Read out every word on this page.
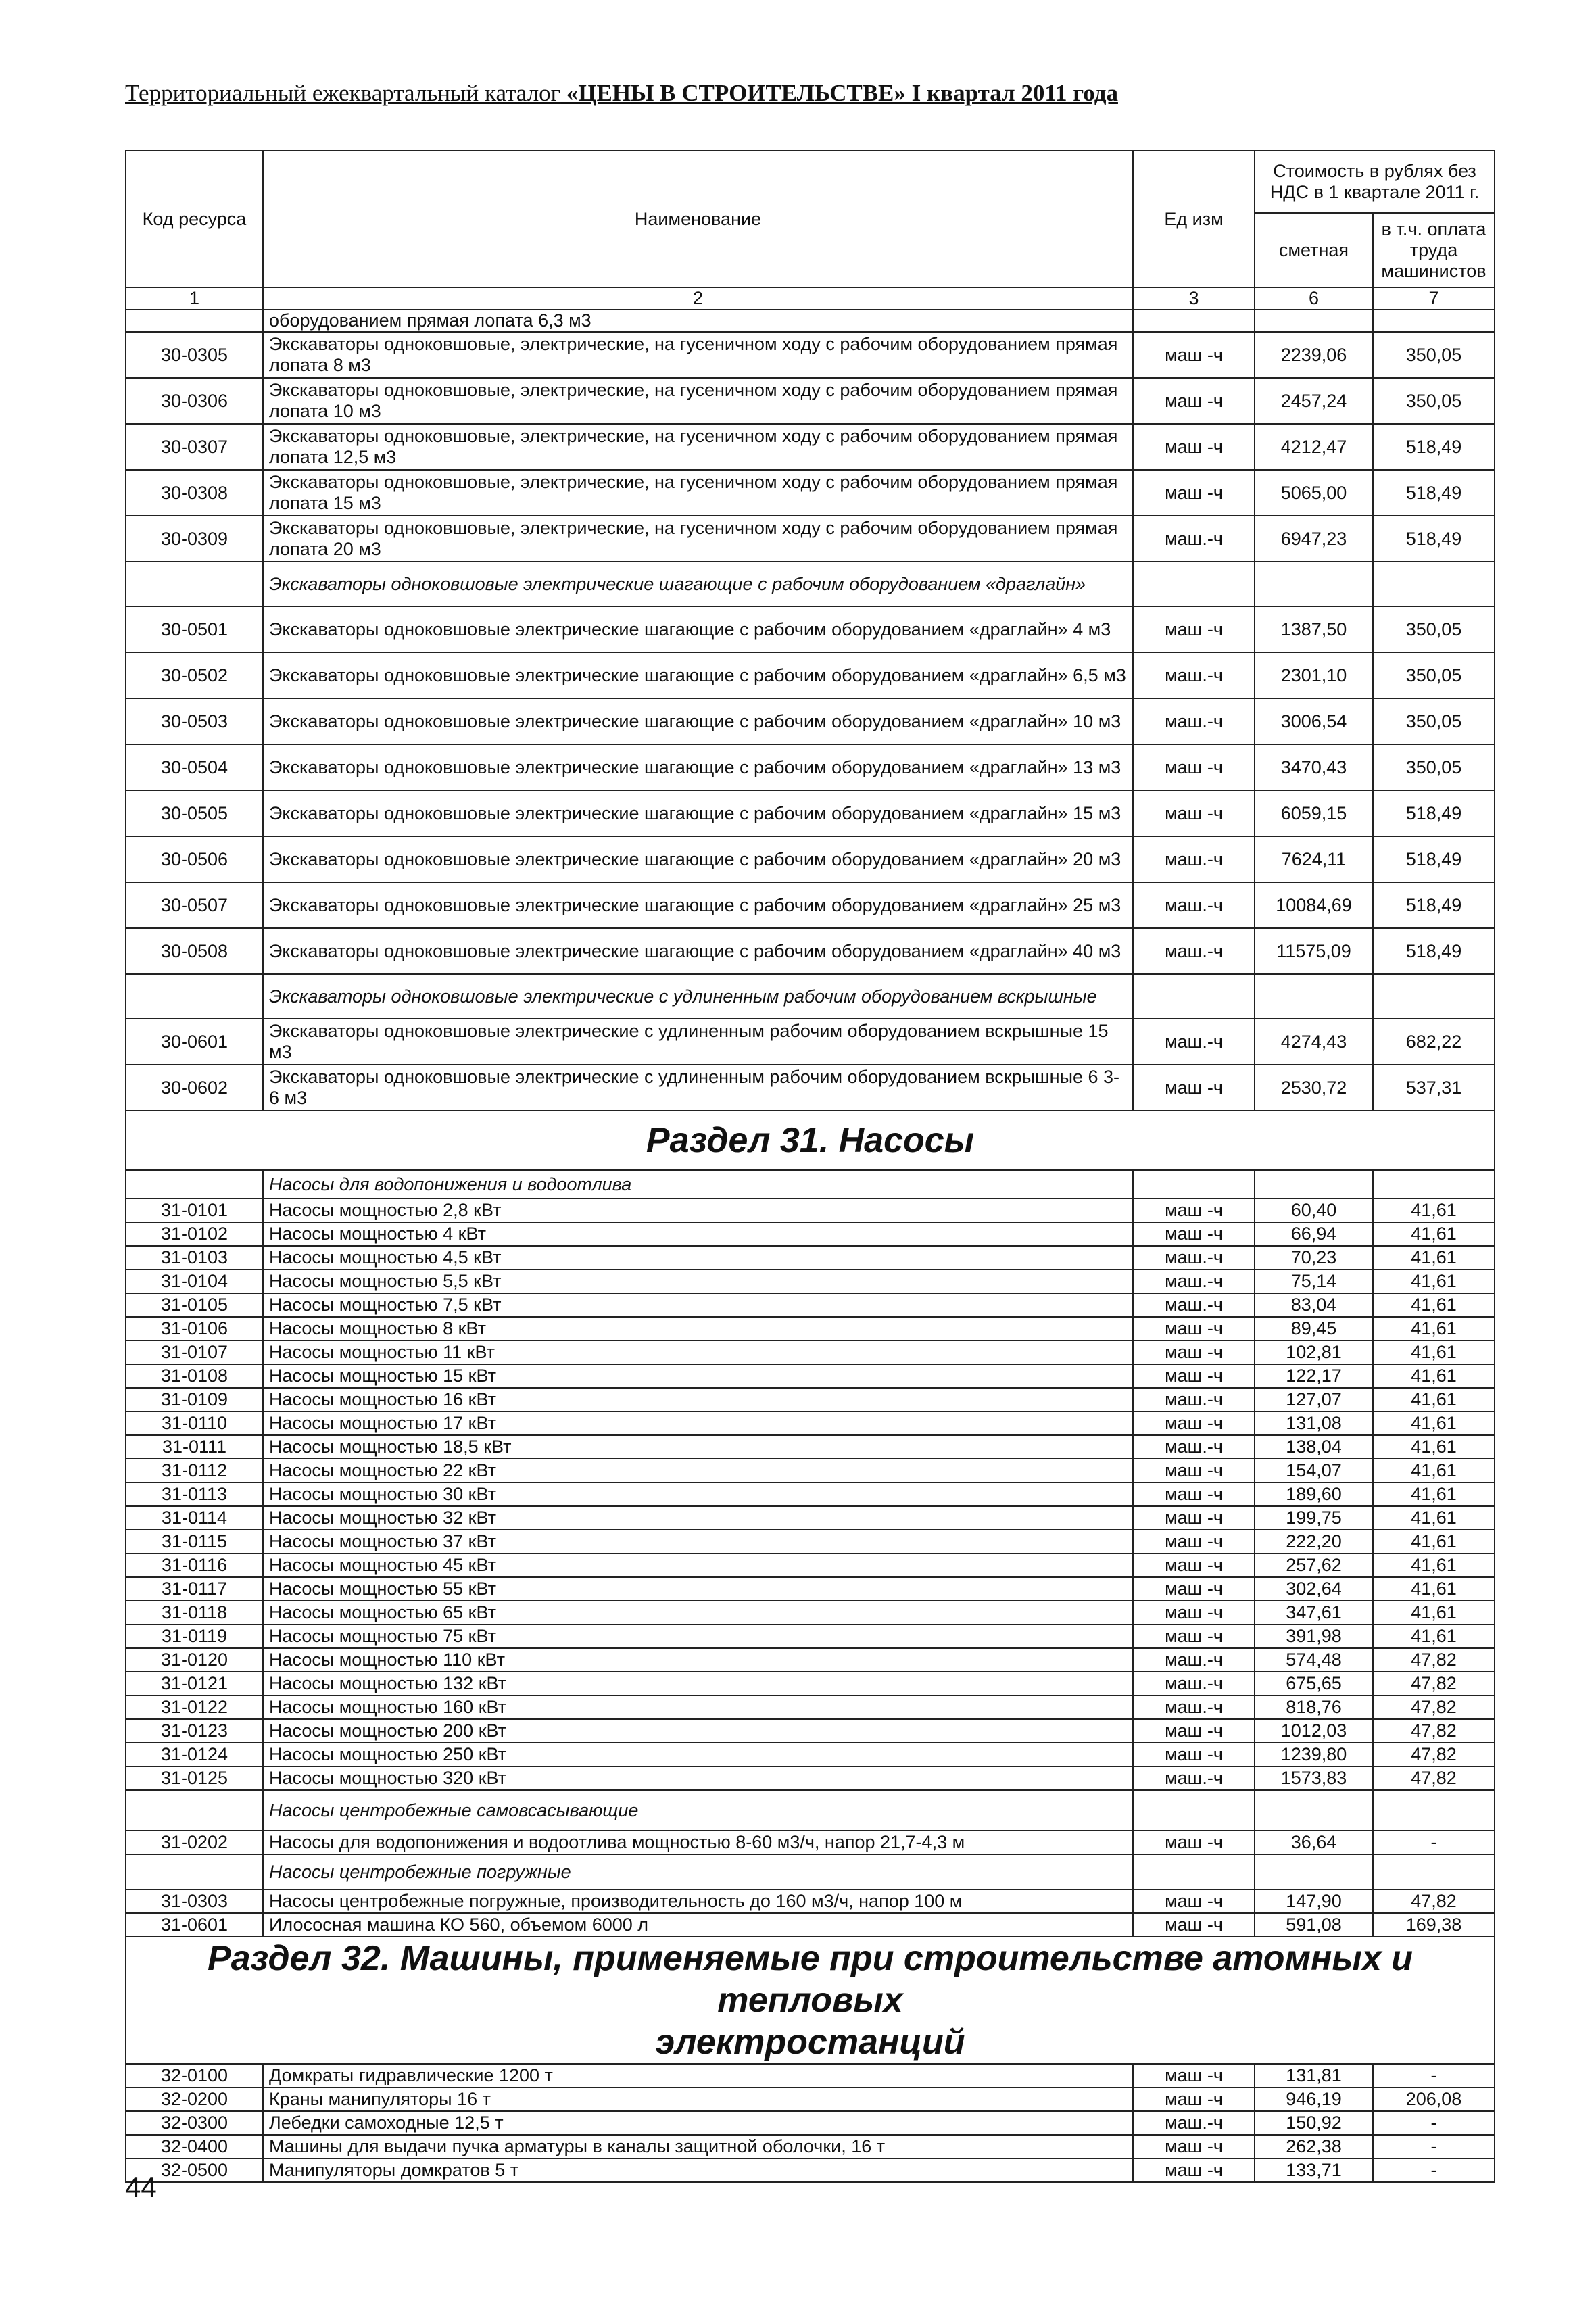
Территориальный ежеквартальный каталог «ЦЕНЫ В СТРОИТЕЛЬСТВЕ» I квартал 2011 года
Код ресурса	Наименование	Ед изм	Стоимость в рублях без НДС в 1 квартале 2011 г.	
			сметная	в т.ч. оплата труда машинистов
1	2	3	6	7
	оборудованием прямая лопата 6,3 м3			
30-0305	Экскаваторы одноковшовые, электрические, на гусеничном ходу с рабочим оборудованием прямая лопата 8 м3	маш -ч	2239,06	350,05
30-0306	Экскаваторы одноковшовые, электрические, на гусеничном ходу с рабочим оборудованием прямая лопата 10 м3	маш -ч	2457,24	350,05
30-0307	Экскаваторы одноковшовые, электрические, на гусеничном ходу с рабочим оборудованием прямая лопата 12,5 м3	маш -ч	4212,47	518,49
30-0308	Экскаваторы одноковшовые, электрические, на гусеничном ходу с рабочим оборудованием прямая лопата 15 м3	маш -ч	5065,00	518,49
30-0309	Экскаваторы одноковшовые, электрические, на гусеничном ходу с рабочим оборудованием прямая лопата 20 м3	маш.-ч	6947,23	518,49
	Экскаваторы одноковшовые электрические шагающие с рабочим оборудованием «драглайн»			
30-0501	Экскаваторы одноковшовые электрические шагающие с рабочим оборудованием «драглайн» 4 м3	маш -ч	1387,50	350,05
30-0502	Экскаваторы одноковшовые электрические шагающие с рабочим оборудованием «драглайн» 6,5 м3	маш.-ч	2301,10	350,05
30-0503	Экскаваторы одноковшовые электрические шагающие с рабочим оборудованием «драглайн» 10 м3	маш.-ч	3006,54	350,05
30-0504	Экскаваторы одноковшовые электрические шагающие с рабочим оборудованием «драглайн» 13 м3	маш -ч	3470,43	350,05
30-0505	Экскаваторы одноковшовые электрические шагающие с рабочим оборудованием «драглайн» 15 м3	маш -ч	6059,15	518,49
30-0506	Экскаваторы одноковшовые электрические шагающие с рабочим оборудованием «драглайн» 20 м3	маш.-ч	7624,11	518,49
30-0507	Экскаваторы одноковшовые электрические шагающие с рабочим оборудованием «драглайн» 25 м3	маш.-ч	10084,69	518,49
30-0508	Экскаваторы одноковшовые электрические шагающие с рабочим оборудованием «драглайн» 40 м3	маш.-ч	11575,09	518,49
	Экскаваторы одноковшовые электрические с удлиненным рабочим оборудованием вскрышные			
30-0601	Экскаваторы одноковшовые электрические с удлиненным рабочим оборудованием вскрышные 15 м3	маш.-ч	4274,43	682,22
30-0602	Экскаваторы одноковшовые электрические с удлиненным рабочим оборудованием вскрышные 6 3-6 м3	маш -ч	2530,72	537,31
Раздел 31. Насосы				
	Насосы для водопонижения и водоотлива			
31-0101	Насосы мощностью 2,8 кВт	маш -ч	60,40	41,61
31-0102	Насосы мощностью 4 кВт	маш -ч	66,94	41,61
31-0103	Насосы мощностью 4,5 кВт	маш.-ч	70,23	41,61
31-0104	Насосы мощностью 5,5 кВт	маш.-ч	75,14	41,61
31-0105	Насосы мощностью 7,5 кВт	маш.-ч	83,04	41,61
31-0106	Насосы мощностью 8 кВт	маш -ч	89,45	41,61
31-0107	Насосы мощностью 11 кВт	маш -ч	102,81	41,61
31-0108	Насосы мощностью 15 кВт	маш -ч	122,17	41,61
31-0109	Насосы мощностью 16 кВт	маш.-ч	127,07	41,61
31-0110	Насосы мощностью 17 кВт	маш -ч	131,08	41,61
31-0111	Насосы мощностью 18,5 кВт	маш.-ч	138,04	41,61
31-0112	Насосы мощностью 22 кВт	маш -ч	154,07	41,61
31-0113	Насосы мощностью 30 кВт	маш -ч	189,60	41,61
31-0114	Насосы мощностью 32 кВт	маш -ч	199,75	41,61
31-0115	Насосы мощностью 37 кВт	маш -ч	222,20	41,61
31-0116	Насосы мощностью 45 кВт	маш -ч	257,62	41,61
31-0117	Насосы мощностью 55 кВт	маш -ч	302,64	41,61
31-0118	Насосы мощностью 65 кВт	маш -ч	347,61	41,61
31-0119	Насосы мощностью 75 кВт	маш -ч	391,98	41,61
31-0120	Насосы мощностью 110 кВт	маш.-ч	574,48	47,82
31-0121	Насосы мощностью 132 кВт	маш.-ч	675,65	47,82
31-0122	Насосы мощностью 160 кВт	маш.-ч	818,76	47,82
31-0123	Насосы мощностью 200 кВт	маш -ч	1012,03	47,82
31-0124	Насосы мощностью 250 кВт	маш -ч	1239,80	47,82
31-0125	Насосы мощностью 320 кВт	маш.-ч	1573,83	47,82
	Насосы центробежные самовсасывающие			
31-0202	Насосы для водопонижения и водоотлива мощностью 8-60 м3/ч, напор 21,7-4,3 м	маш -ч	36,64	-
	Насосы центробежные погружные			
31-0303	Насосы центробежные погружные, производительность до 160 м3/ч, напор 100 м	маш -ч	147,90	47,82
31-0601	Илососная машина КО 560, объемом 6000 л	маш -ч	591,08	169,38

Раздел 32. Машины, применяемые при строительстве атомных и тепловых
электростанций				

32-0100	Домкраты гидравлические 1200 т	маш -ч	131,81	-
32-0200	Краны манипуляторы 16 т	маш -ч	946,19	206,08
32-0300	Лебедки самоходные 12,5 т	маш.-ч	150,92	-
32-0400	Машины для выдачи пучка арматуры в каналы защитной оболочки, 16 т	маш -ч	262,38	-
32-0500	Манипуляторы домкратов 5 т	маш -ч	133,71	-
44
